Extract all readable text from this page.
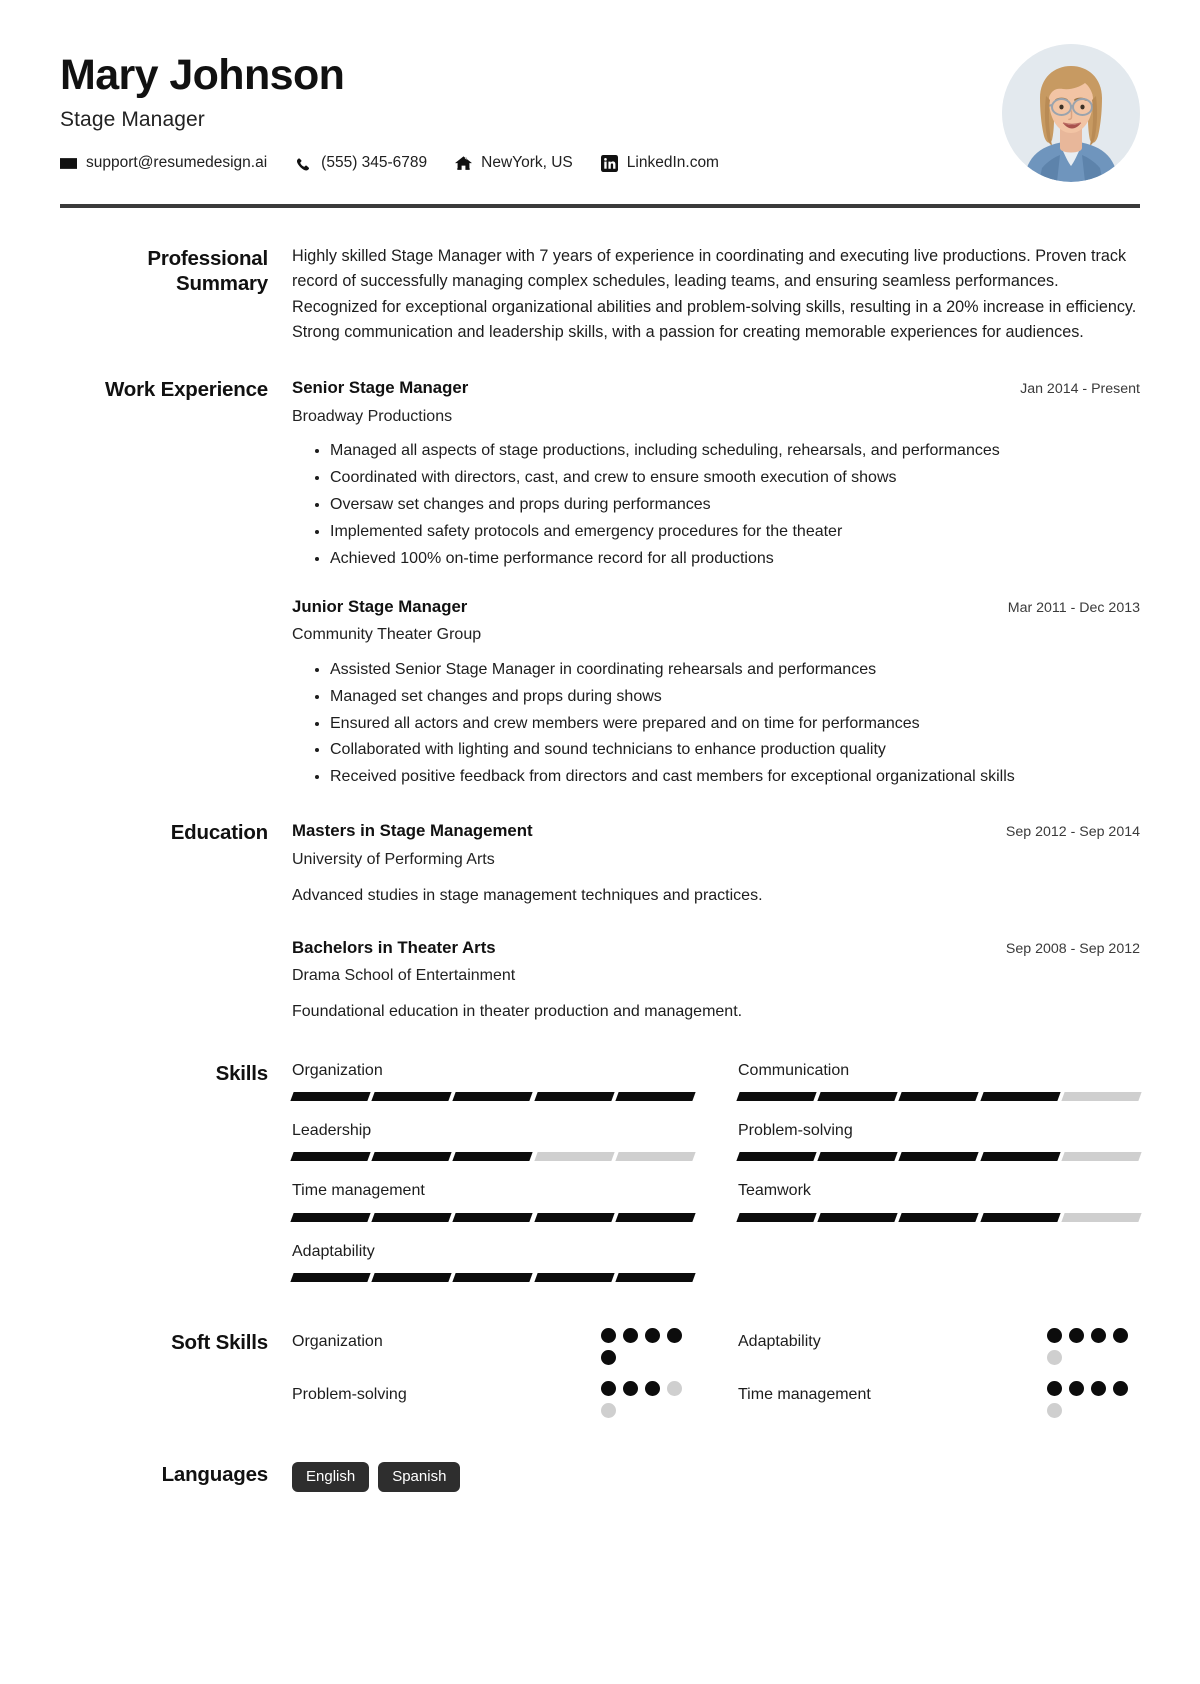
Mary Johnson
Stage Manager
support@resumedesign.ai	(555) 345-6789	NewYork, US	LinkedIn.com
Professional Summary
Highly skilled Stage Manager with 7 years of experience in coordinating and executing live productions. Proven track record of successfully managing complex schedules, leading teams, and ensuring seamless performances. Recognized for exceptional organizational abilities and problem-solving skills, resulting in a 20% increase in efficiency. Strong communication and leadership skills, with a passion for creating memorable experiences for audiences.
Work Experience Senior Stage Manager	Jan 2014 - Present
Broadway Productions
• Managed all aspects of stage productions, including scheduling, rehearsals, and performances
• Coordinated with directors, cast, and crew to ensure smooth execution of shows
• Oversaw set changes and props during performances
• Implemented safety protocols and emergency procedures for the theater
• Achieved 100% on-time performance record for all productions
Junior Stage Manager	Mar 2011 - Dec 2013
Community Theater Group
• Assisted Senior Stage Manager in coordinating rehearsals and performances
• Managed set changes and props during shows
• Ensured all actors and crew members were prepared and on time for performances
• Collaborated with lighting and sound technicians to enhance production quality
• Received positive feedback from directors and cast members for exceptional organizational skills
Education Masters in Stage Management	Sep 2012 - Sep 2014
University of Performing Arts
Advanced studies in stage management techniques and practices.
Bachelors in Theater Arts	Sep 2008 - Sep 2012
Drama School of Entertainment
Foundational education in theater production and management.
Skills Organization	Communication
Leadership	Problem-solving
Time management	Teamwork
Adaptability
Soft Skills Organization	Adaptability
Problem-solving	Time management
Languages	English	Spanish
